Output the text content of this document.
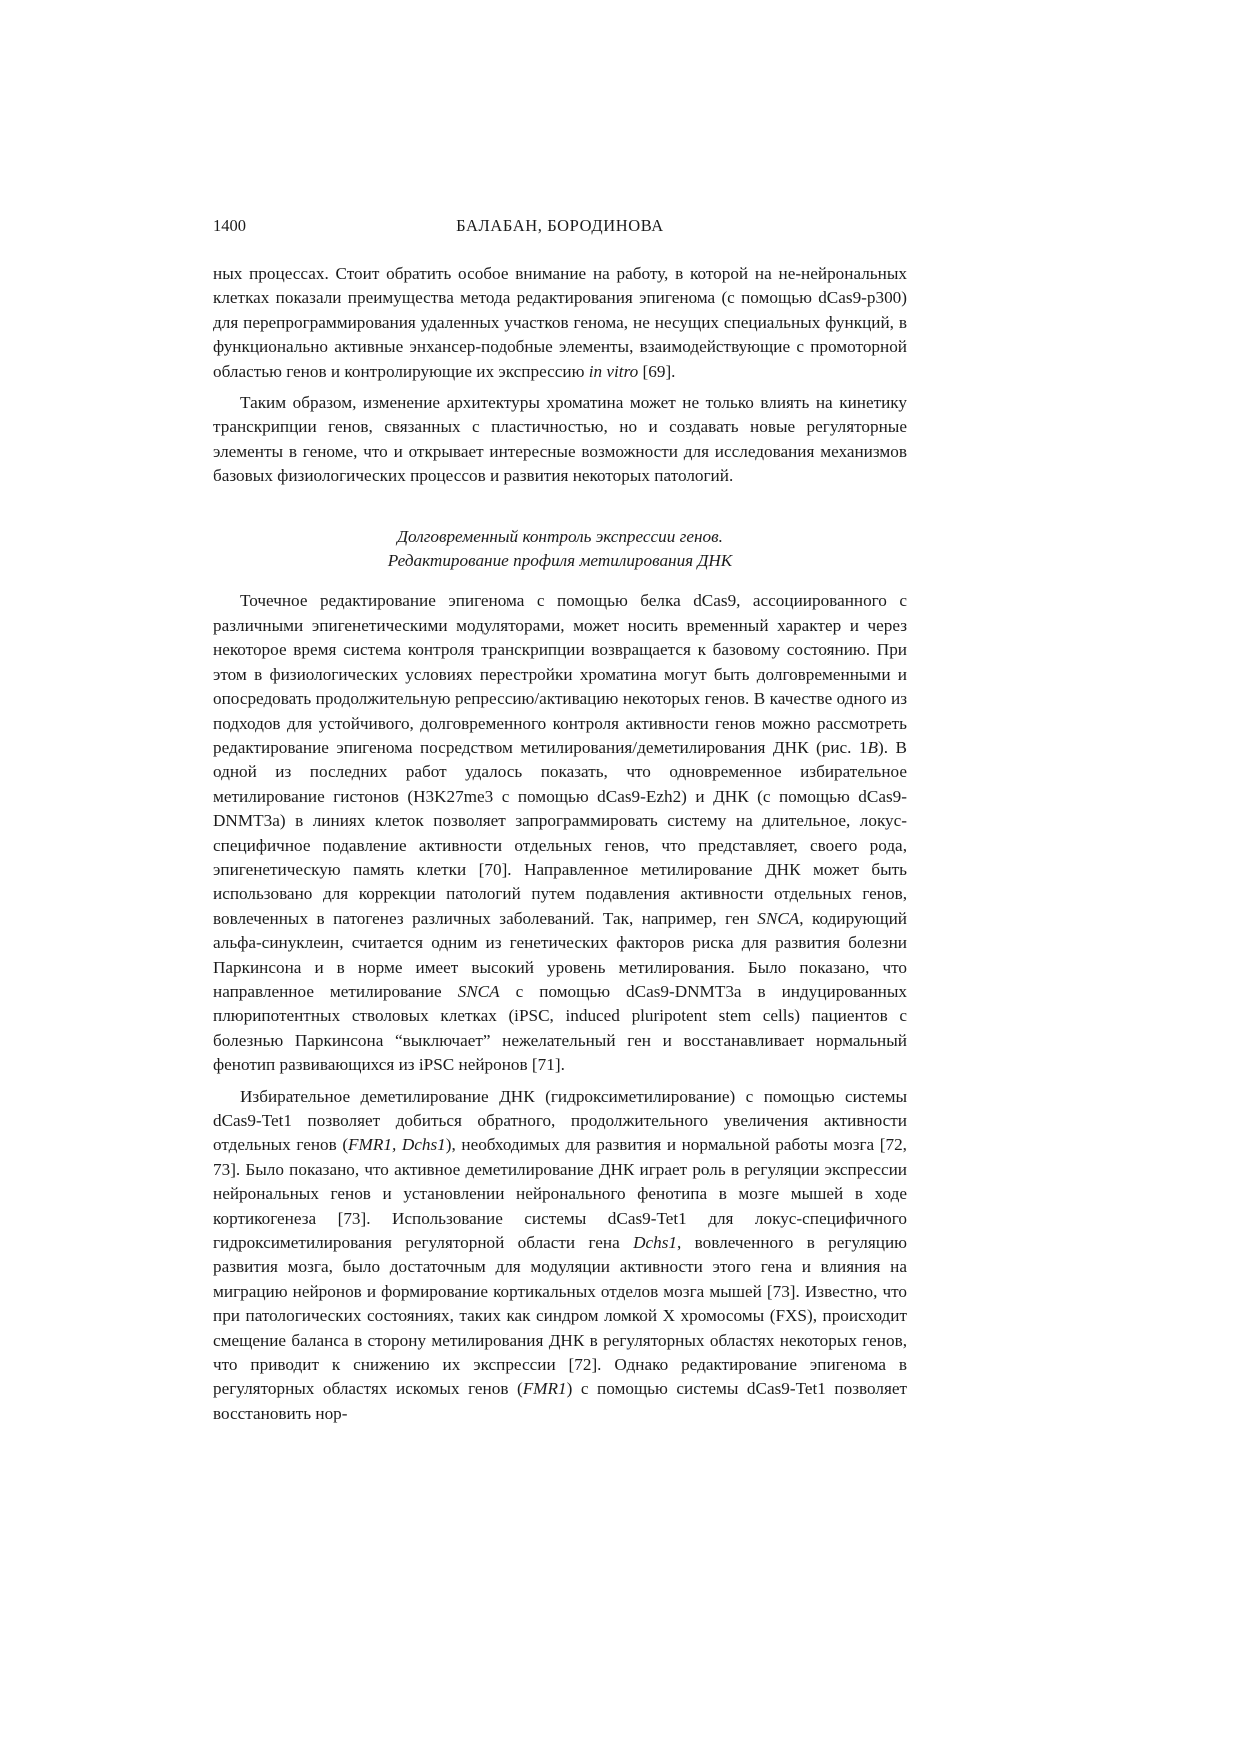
1400	БАЛАБАН, БОРОДИНОВА

ных процессах. Стоит обратить особое внимание на работу, в которой на не-нейрональных клетках показали преимущества метода редактирования эпигенома (с помощью dCas9-p300) для перепрограммирования удаленных участков генома, не несущих специальных функций, в функционально активные энхансер-подобные элементы, взаимодействующие с промоторной областью генов и контролирующие их экспрессию in vitro [69].

Таким образом, изменение архитектуры хроматина может не только влиять на кинетику транскрипции генов, связанных с пластичностью, но и создавать новые регуляторные элементы в геноме, что и открывает интересные возможности для исследования механизмов базовых физиологических процессов и развития некоторых патологий.

Долговременный контроль экспрессии генов.
Редактирование профиля метилирования ДНК

Точечное редактирование эпигенома с помощью белка dCas9, ассоциированного с различными эпигенетическими модуляторами, может носить временный характер и через некоторое время система контроля транскрипции возвращается к базовому состоянию. При этом в физиологических условиях перестройки хроматина могут быть долговременными и опосредовать продолжительную репрессию/активацию некоторых генов. В качестве одного из подходов для устойчивого, долговременного контроля активности генов можно рассмотреть редактирование эпигенома посредством метилирования/деметилирования ДНК (рис. 1В). В одной из последних работ удалось показать, что одновременное избирательное метилирование гистонов (H3K27me3 с помощью dCas9-Ezh2) и ДНК (с помощью dCas9-DNMT3a) в линиях клеток позволяет запрограммировать систему на длительное, локус-специфичное подавление активности отдельных генов, что представляет, своего рода, эпигенетическую память клетки [70]. Направленное метилирование ДНК может быть использовано для коррекции патологий путем подавления активности отдельных генов, вовлеченных в патогенез различных заболеваний. Так, например, ген SNCA, кодирующий альфа-синуклеин, считается одним из генетических факторов риска для развития болезни Паркинсона и в норме имеет высокий уровень метилирования. Было показано, что направленное метилирование SNCA с помощью dCas9-DNMT3a в индуцированных плюрипотентных стволовых клетках (iPSC, induced pluripotent stem cells) пациентов с болезнью Паркинсона “выключает” нежелательный ген и восстанавливает нормальный фенотип развивающихся из iPSC нейронов [71].

Избирательное деметилирование ДНК (гидроксиметилирование) с помощью системы dCas9-Tet1 позволяет добиться обратного, продолжительного увеличения активности отдельных генов (FMR1, Dchs1), необходимых для развития и нормальной работы мозга [72, 73]. Было показано, что активное деметилирование ДНК играет роль в регуляции экспрессии нейрональных генов и установлении нейронального фенотипа в мозге мышей в ходе кортикогенеза [73]. Использование системы dCas9-Tet1 для локус-специфичного гидроксиметилирования регуляторной области гена Dchs1, вовлеченного в регуляцию развития мозга, было достаточным для модуляции активности этого гена и влияния на миграцию нейронов и формирование кортикальных отделов мозга мышей [73]. Известно, что при патологических состояниях, таких как синдром ломкой X хромосомы (FXS), происходит смещение баланса в сторону метилирования ДНК в регуляторных областях некоторых генов, что приводит к снижению их экспрессии [72]. Однако редактирование эпигенома в регуляторных областях искомых генов (FMR1) с помощью системы dCas9-Tet1 позволяет восстановить нор-
